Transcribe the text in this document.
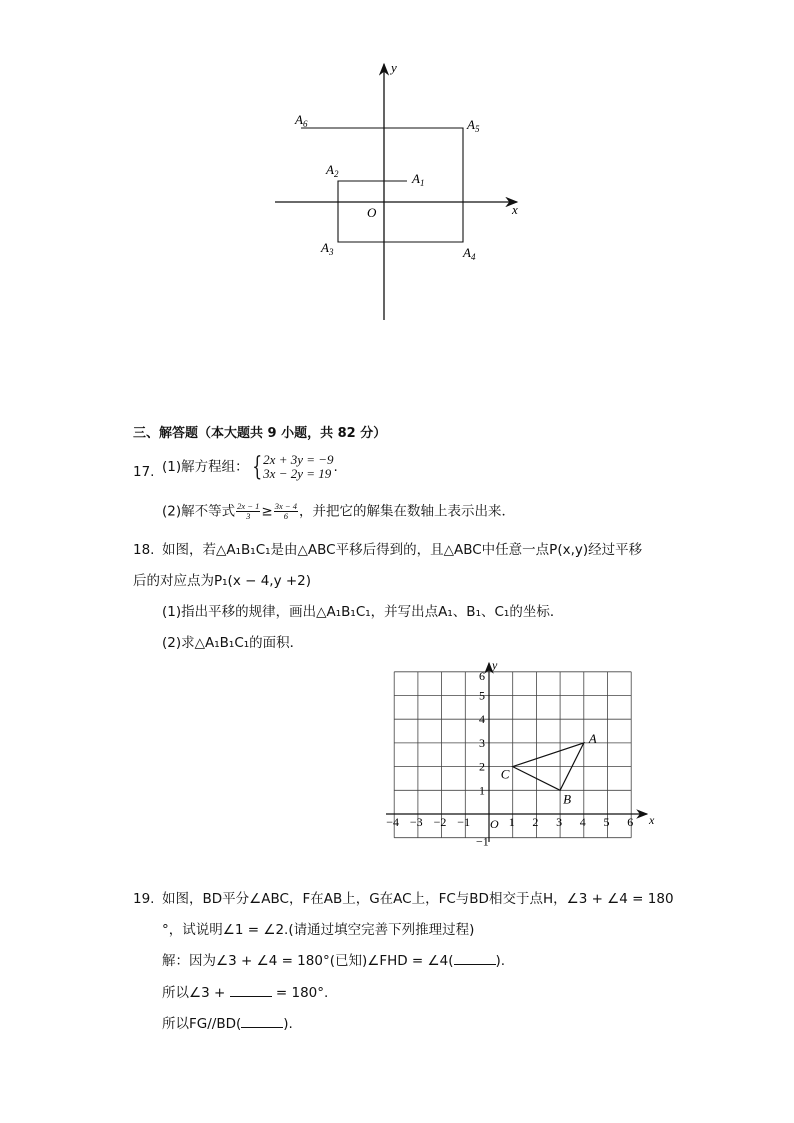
x
y
O
$A_1$
$A_2$
$A_3$	$A_4$
$A_5$
$A_6$
三、解答题（本大题共 9 小题，共 82 分）
17. (1)解方程组： { 2x + 3y = −9
3x − 2y = 19 .
(2)解不等式 $\frac{2x - 1}{3} \ge \frac{3x - 4}{6}$ ，并把它的解集在数轴上表示出来．
18. 如图，若△A₁B₁C₁是由△ABC平移后得到的，且△ABC中任意一点P(x,y)经过平移
后的对应点为P₁(x − 4,y +2)
(1)指出平移的规律，画出△A₁B₁C₁，并写出点A₁、B₁、C₁的坐标．
(2)求△A₁B₁C₁的面积．
A
B
C
−4 −3 −2 −1	1 2 3 4 5 6
6
5
4
3
2
1
−1
x
y
O
19. 如图，BD平分∠ABC，F在AB上，G在AC上，FC与BD相交于点H，∠3 + ∠4 = 180
°，试说明∠1 = ∠2.(请通过填空完善下列推理过程)
解：因为∠3 + ∠4 = 180°(已知)∠FHD = ∠4(	).
所以∠3 +	= 180°.
所以FG//BD(	).
